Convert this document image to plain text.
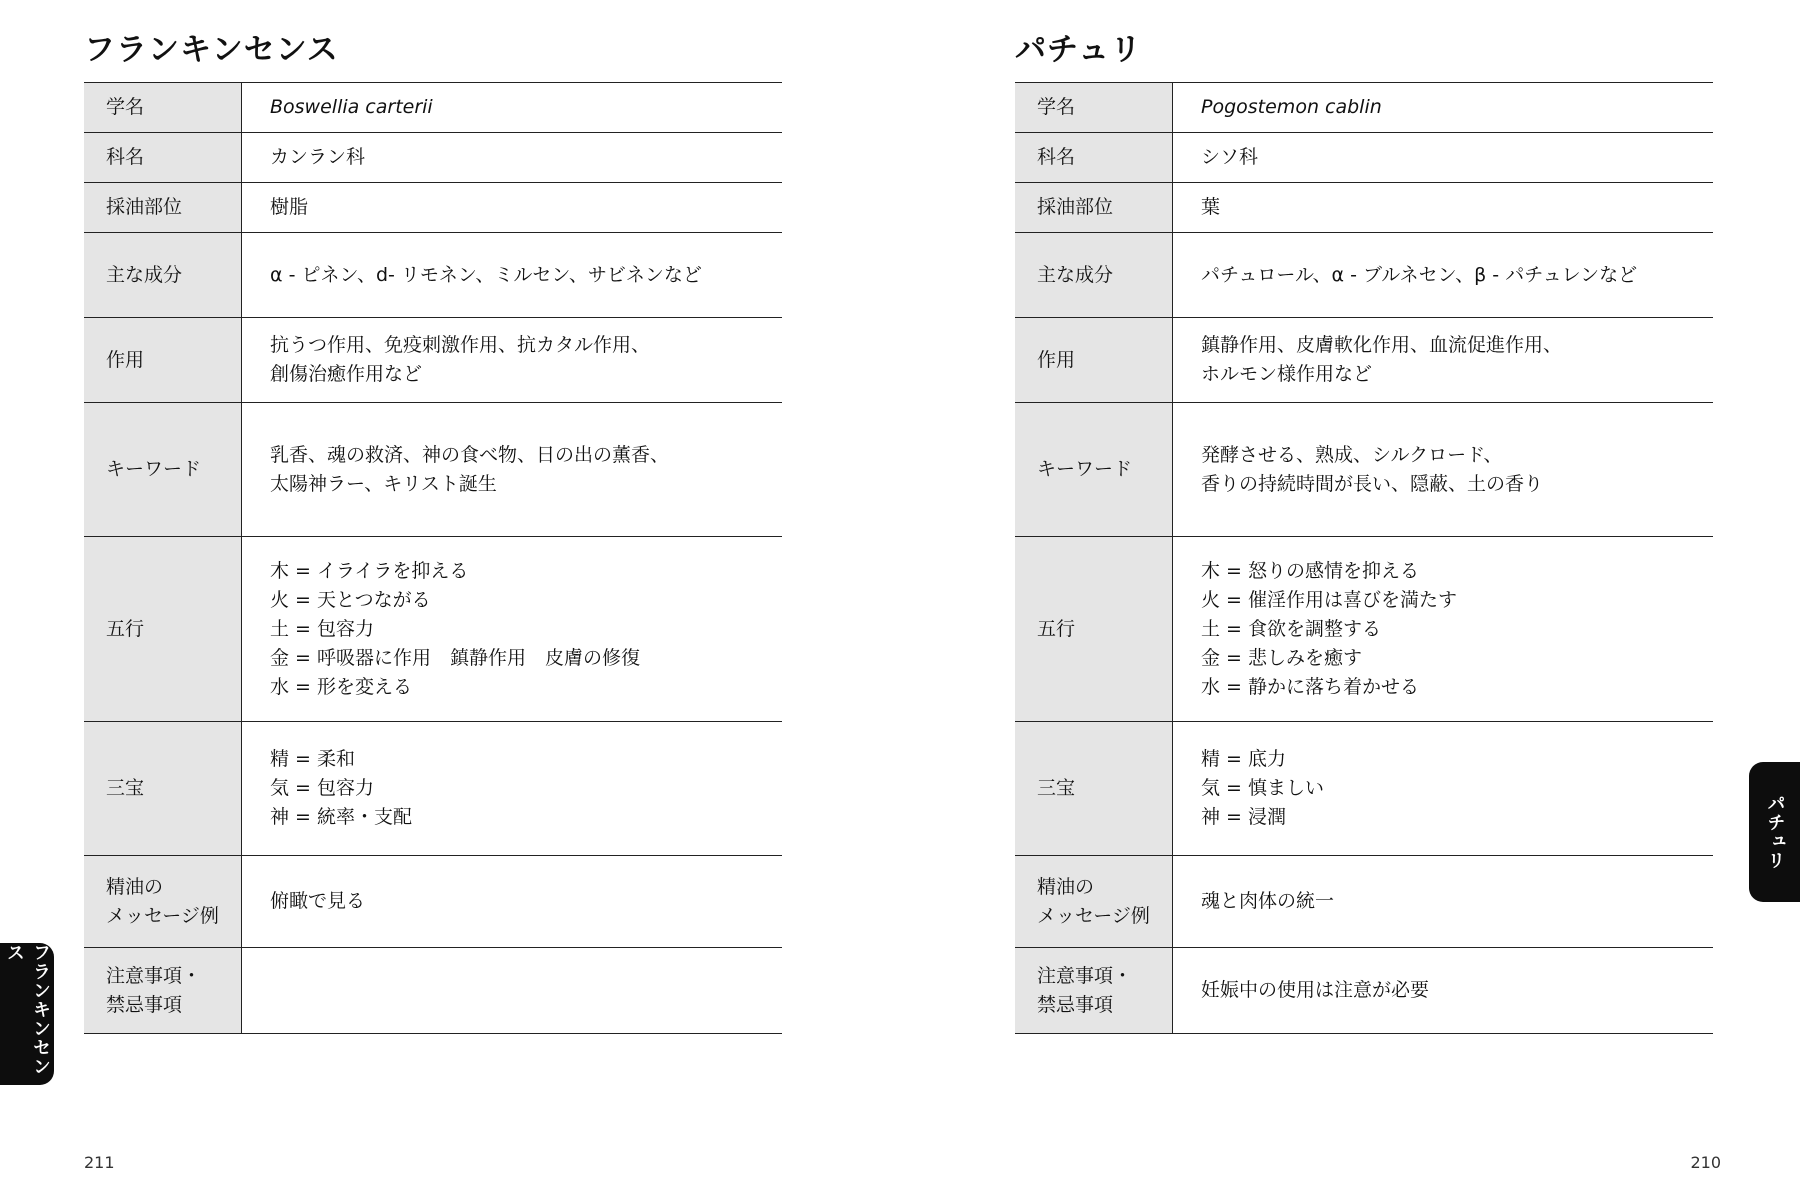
フランキンセンス
学名	Boswellia carterii

科名	カンラン科

採油部位	樹脂

主な成分	α - ピネン、d- リモネン、ミルセン、サビネンなど

作用	抗うつ作用、免疫刺激作用、抗カタル作用、
創傷治癒作用など

キーワード	乳香、魂の救済、神の食べ物、日の出の薫香、
太陽神ラー、キリスト誕生

五行	木 = イライラを抑える
火 = 天とつながる
土 = 包容力
金 = 呼吸器に作用　鎮静作用　皮膚の修復
水 = 形を変える

三宝	精 = 柔和
気 = 包容力
神 = 統率・支配

精油の
メッセージ例	俯瞰で見る

注意事項・
禁忌事項	

211
パチュリ
学名	Pogostemon cablin

科名	シソ科

採油部位	葉

主な成分	パチュロール、α - ブルネセン、β - パチュレンなど

作用	鎮静作用、皮膚軟化作用、血流促進作用、
ホルモン様作用など

キーワード	発酵させる、熟成、シルクロード、
香りの持続時間が長い、隠蔽、土の香り

五行	木 = 怒りの感情を抑える
火 = 催淫作用は喜びを満たす
土 = 食欲を調整する
金 = 悲しみを癒す
水 = 静かに落ち着かせる

三宝	精 = 底力
気 = 慎ましい
神 = 浸潤

精油の
メッセージ例	魂と肉体の統一

注意事項・
禁忌事項	妊娠中の使用は注意が必要
210
フランキンセンス
パチュリ
